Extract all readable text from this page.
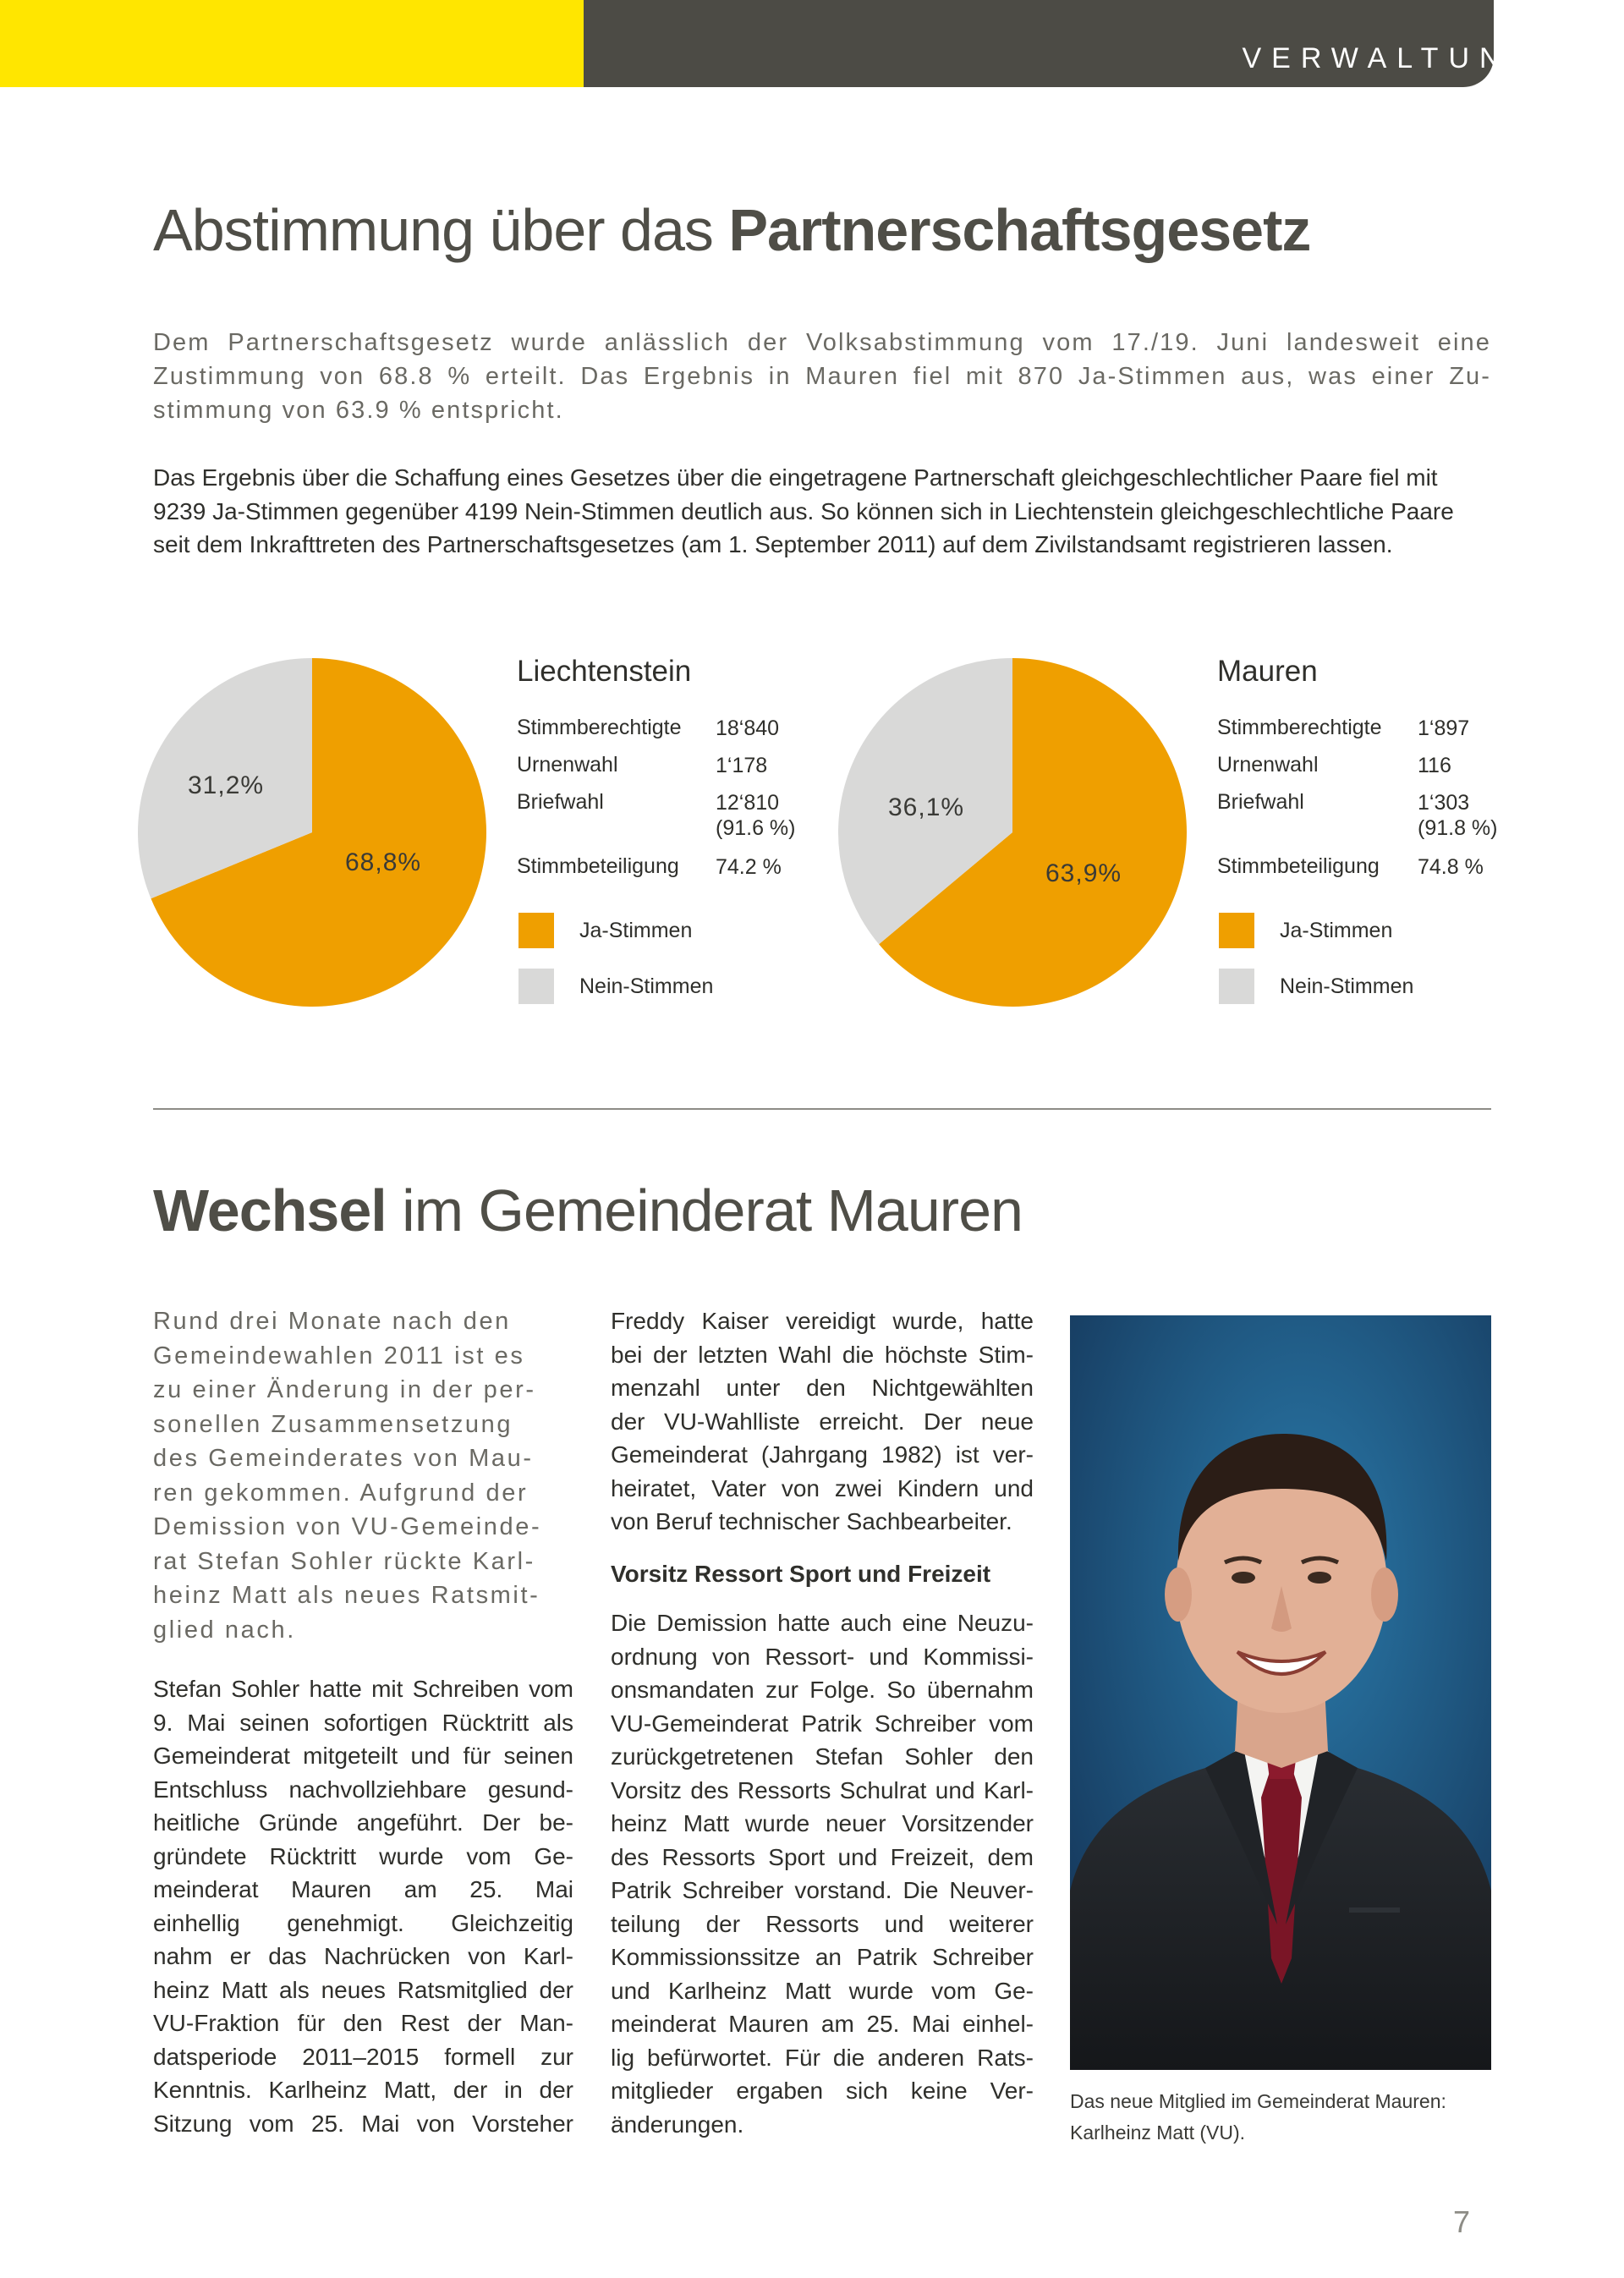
VERWALTUNG
Abstimmung über das Partnerschaftsgesetz
Dem Partnerschaftsgesetz wurde anlässlich der Volksabstimmung vom 17./19. Juni landesweit eine
Zustimmung von 68.8 % erteilt. Das Ergebnis in Mauren fiel mit 870 Ja-Stimmen aus, was einer Zu-
stimmung von 63.9 % entspricht.
Das Ergebnis über die Schaffung eines Gesetzes über die eingetragene Partnerschaft gleichgeschlechtlicher Paare fiel mit
9239 Ja-Stimmen gegenüber 4199 Nein-Stimmen deutlich aus. So können sich in Liechtenstein gleichgeschlechtliche Paare
seit dem Inkrafttreten des Partnerschaftsgesetzes (am 1. September 2011) auf dem Zivilstandsamt registrieren lassen.
31,2%
68,8%
Liechtenstein
Stimmberechtigte 18‘840
Urnenwahl	1‘178
Briefwahl	12‘810
(91.6 %)
Stimmbeteiligung 74.2 %
Ja-Stimmen
Nein-Stimmen
36,1%
63,9%
Mauren
Stimmberechtigte 1‘897
Urnenwahl	116
Briefwahl	1‘303
(91.8 %)
Stimmbeteiligung 74.8 %
Ja-Stimmen
Nein-Stimmen
Wechsel im Gemeinderat Mauren
Rund drei Monate nach den
Gemeindewahlen 2011 ist es
zu einer Änderung in der per-
sonellen Zusammensetzung
des Gemeinderates von Mau-
ren gekommen. Aufgrund der
Demission von VU-Gemeinde-
rat Stefan Sohler rückte Karl-
heinz Matt als neues Ratsmit-
glied nach.
Stefan Sohler hatte mit Schreiben vom
9. Mai seinen sofortigen Rücktritt als
Gemeinderat mitgeteilt und für seinen
Entschluss nachvollziehbare gesund-
heitliche Gründe angeführt. Der be-
gründete Rücktritt wurde vom Ge-
meinderat Mauren am 25. Mai
einhellig genehmigt. Gleichzeitig
nahm er das Nachrücken von Karl-
heinz Matt als neues Ratsmitglied der
VU-Fraktion für den Rest der Man-
datsperiode 2011–2015 formell zur
Kenntnis. Karlheinz Matt, der in der
Sitzung vom 25. Mai von Vorsteher
Freddy Kaiser vereidigt wurde, hatte
bei der letzten Wahl die höchste Stim-
menzahl unter den Nichtgewählten
der VU-Wahlliste erreicht. Der neue
Gemeinderat (Jahrgang 1982) ist ver-
heiratet, Vater von zwei Kindern und
von Beruf technischer Sachbearbeiter.
Vorsitz Ressort Sport und Freizeit
Die Demission hatte auch eine Neuzu-
ordnung von Ressort- und Kommissi-
onsmandaten zur Folge. So übernahm
VU-Gemeinderat Patrik Schreiber vom
zurückgetretenen Stefan Sohler den
Vorsitz des Ressorts Schulrat und Karl-
heinz Matt wurde neuer Vorsitzender
des Ressorts Sport und Freizeit, dem
Patrik Schreiber vorstand. Die Neuver-
teilung der Ressorts und weiterer
Kommissionssitze an Patrik Schreiber
und Karlheinz Matt wurde vom Ge-
meinderat Mauren am 25. Mai einhel-
lig befürwortet. Für die anderen Rats-
mitglieder ergaben sich keine Ver-
änderungen.
Das neue Mitglied im Gemeinderat Mauren:
Karlheinz Matt (VU).
7
